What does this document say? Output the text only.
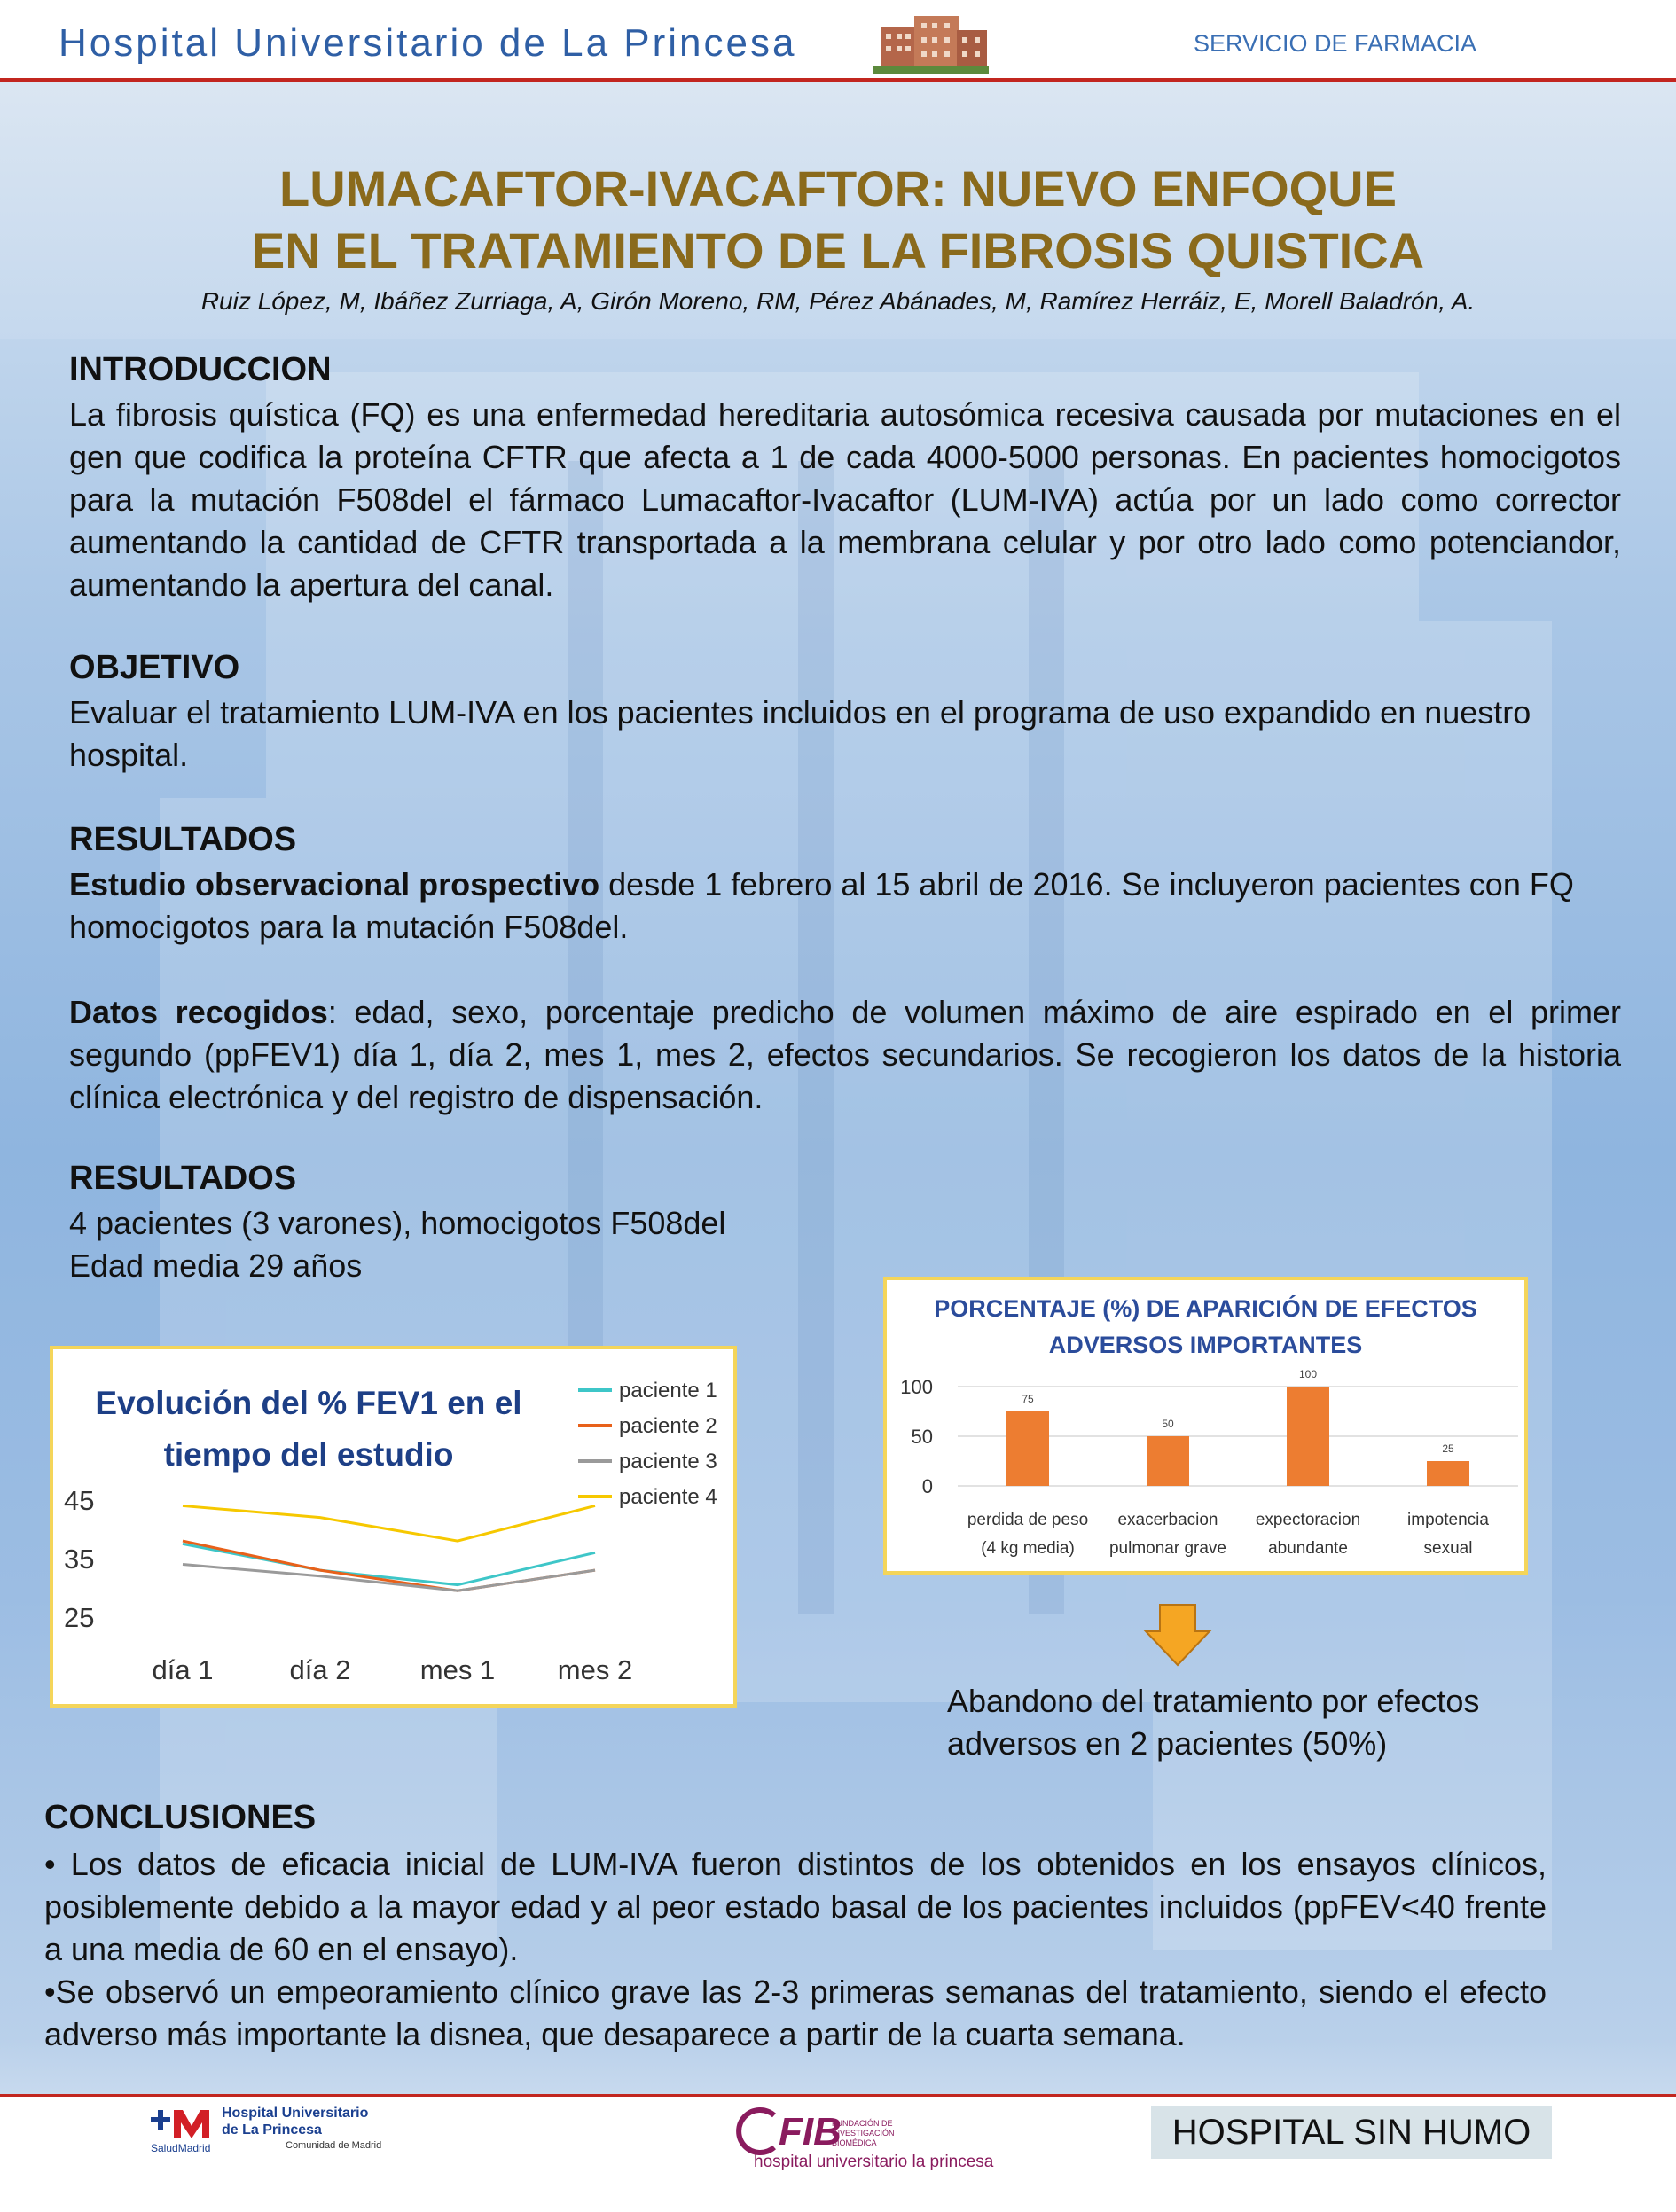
Hospital Universitario de La Princesa	SERVICIO DE FARMACIA
LUMACAFTOR-IVACAFTOR: NUEVO ENFOQUE
EN EL TRATAMIENTO DE LA FIBROSIS QUISTICA
Ruiz López, M, Ibáñez Zurriaga, A, Girón Moreno, RM, Pérez Abánades, M, Ramírez Herráiz, E, Morell Baladrón, A.
INTRODUCCION

La fibrosis quística (FQ) es una enfermedad hereditaria autosómica recesiva causada por mutaciones en el gen que codifica la proteína CFTR que afecta a 1 de cada 4000-5000 personas. En pacientes homocigotos para la mutación F508del el fármaco Lumacaftor-Ivacaftor (LUM-IVA) actúa por un lado como corrector aumentando la cantidad de CFTR transportada a la membrana celular y por otro lado como potenciandor, aumentando la apertura del canal.

OBJETIVO

Evaluar el tratamiento LUM-IVA en los pacientes incluidos en el programa de uso expandido en nuestro hospital.

RESULTADOS

Estudio observacional prospectivo desde 1 febrero al 15 abril de 2016. Se incluyeron pacientes con FQ homocigotos para la mutación F508del.

Datos recogidos: edad, sexo, porcentaje predicho de volumen máximo de aire espirado en el primer segundo (ppFEV1) día 1, día 2, mes 1, mes 2, efectos secundarios. Se recogieron los datos de la historia clínica electrónica y del registro de dispensación.

RESULTADOS

4 pacientes (3 varones), homocigotos F508del

Edad media 29 años

Evolución del % FEV1 en el tiempo del estudio
25
35
45
día 1	día 2	mes 1 mes 2
paciente 1
paciente 2
paciente 3
paciente 4
PORCENTAJE (%) DE APARICIÓN DE EFECTOS ADVERSOS IMPORTANTES
0
50
100
75
perdida de peso
(4 kg media)
50
exacerbacion
pulmonar grave
100
expectoracion
abundante
25
impotencia
sexual
Abandono del tratamiento por efectos adversos en 2 pacientes (50%)
CONCLUSIONES

• Los datos de eficacia inicial de LUM-IVA fueron distintos de los obtenidos en los ensayos clínicos, posiblemente debido a la mayor edad y al peor estado basal de los pacientes incluidos (ppFEV<40 frente a una media de 60 en el ensayo).

•Se observó un empeoramiento clínico grave las 2-3 primeras semanas del tratamiento, siendo el efecto adverso más importante la disnea, que desaparece a partir de la cuarta semana.

SaludMadrid
Hospital Universitario
de La Princesa
Comunidad de Madrid	FIB
FUNDACIÓN DE INVESTIGACIÓN BIOMÉDICA
hospital universitario la princesa
HOSPITAL SIN HUMO
